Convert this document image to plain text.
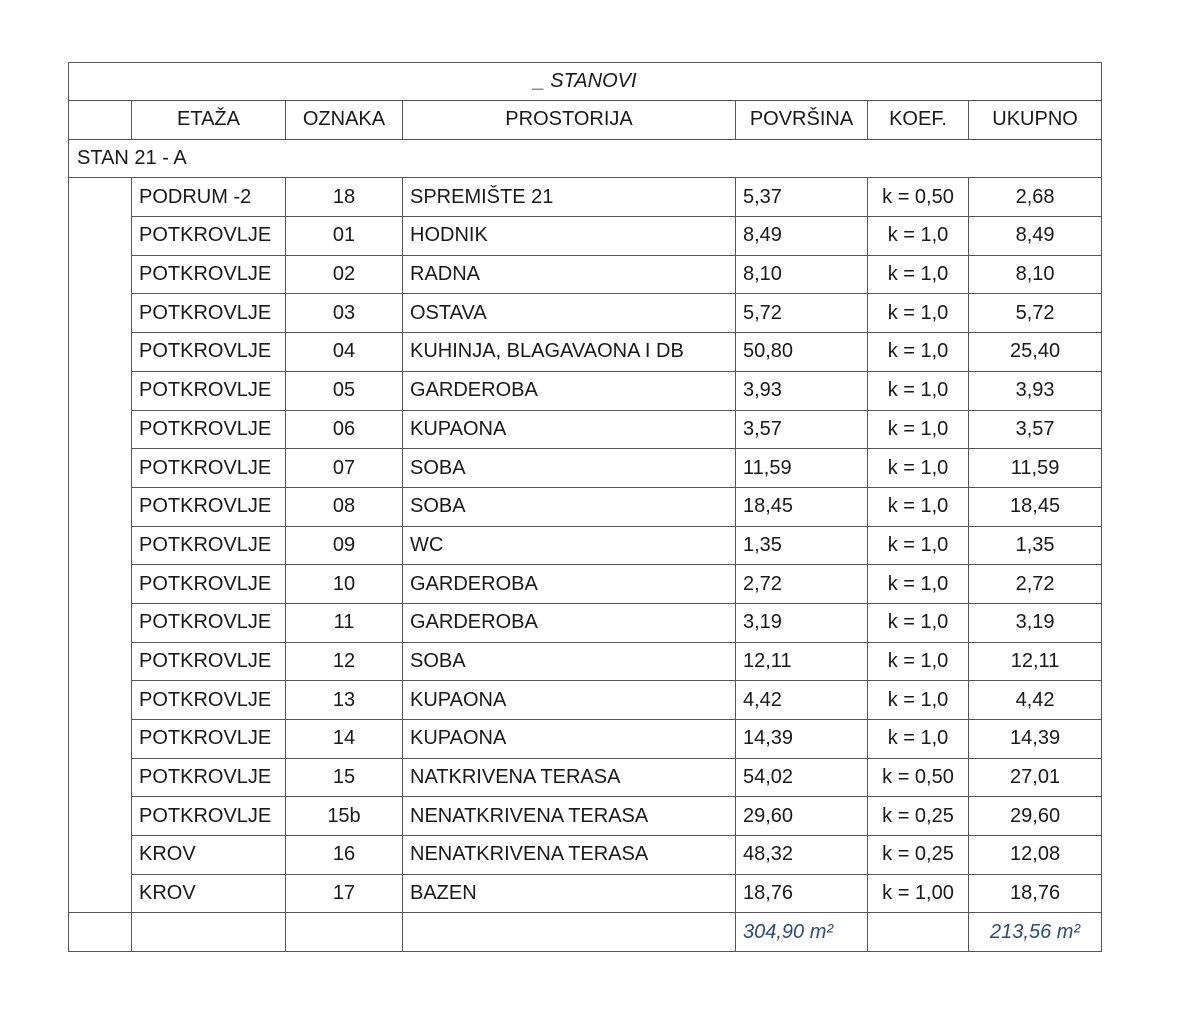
_ STANOVI						
	ETAŽA	OZNAKA	PROSTORIJA	POVRŠINA	KOEF.	UKUPNO
STAN 21 - A						
	PODRUM -2	18	SPREMIŠTE 21	5,37	k = 0,50	2,68
	POTKROVLJE	01	HODNIK	8,49	k = 1,0	8,49
	POTKROVLJE	02	RADNA	8,10	k = 1,0	8,10
	POTKROVLJE	03	OSTAVA	5,72	k = 1,0	5,72
	POTKROVLJE	04	KUHINJA, BLAGAVAONA I DB	50,80	k = 1,0	25,40
	POTKROVLJE	05	GARDEROBA	3,93	k = 1,0	3,93
	POTKROVLJE	06	KUPAONA	3,57	k = 1,0	3,57
	POTKROVLJE	07	SOBA	11,59	k = 1,0	11,59
	POTKROVLJE	08	SOBA	18,45	k = 1,0	18,45
	POTKROVLJE	09	WC	1,35	k = 1,0	1,35
	POTKROVLJE	10	GARDEROBA	2,72	k = 1,0	2,72
	POTKROVLJE	11	GARDEROBA	3,19	k = 1,0	3,19
	POTKROVLJE	12	SOBA	12,11	k = 1,0	12,11
	POTKROVLJE	13	KUPAONA	4,42	k = 1,0	4,42
	POTKROVLJE	14	KUPAONA	14,39	k = 1,0	14,39
	POTKROVLJE	15	NATKRIVENA TERASA	54,02	k = 0,50	27,01
	POTKROVLJE	15b	NENATKRIVENA TERASA	29,60	k = 0,25	29,60
	KROV	16	NENATKRIVENA TERASA	48,32	k = 0,25	12,08
	KROV	17	BAZEN	18,76	k = 1,00	18,76
				304,90 m²		213,56 m²
